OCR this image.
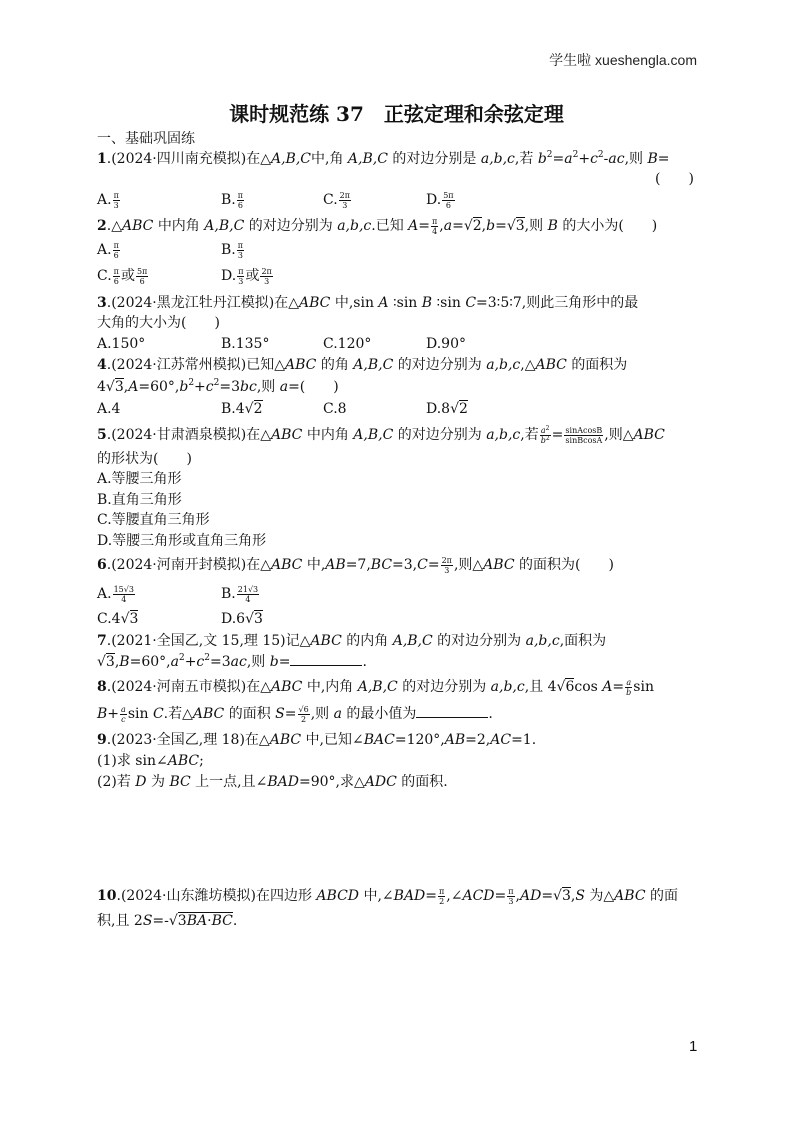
学生啦 xueshengla.com
课时规范练 37　正弦定理和余弦定理
一、基础巩固练
1.(2024·四川南充模拟)在△A,B,C中,角 A,B,C 的对边分别是 a,b,c,若 $b^2=a^2+c^2-ac$,则 B=
(　　)
A. $\frac{\pi}{3}$	B. $\frac{\pi}{6}$	C. $\frac{2\pi}{3}$	D. $\frac{5\pi}{6}$
2.△ABC 中内角 A,B,C 的对边分别为 a,b,c.已知 $A= \frac{\pi}{4} ,a=√2,b=√3$,则 B 的大小为(　　)
A. $\frac{\pi}{6}$	B. $\frac{\pi}{3}$
C. $\frac{\pi}{6}$ 或 $\frac{5\pi}{6}$	D. $\frac{\pi}{3}$ 或 $\frac{2\pi}{3}$
3.(2024·黑龙江牡丹江模拟)在△ABC 中,sin A ∶sin B ∶sin C=3∶5∶7,则此三角形中的最
大角的大小为(　　)
A.150°	B.135°	C.120°	D.90°
4.(2024·江苏常州模拟)已知△ABC 的角 A,B,C 的对边分别为 a,b,c,△ABC 的面积为
$4√3,A=60^\circ,b^2+c^2=3bc$,则 a=(　　)
A.4	B.4√2	C.8	D.8√2
5.(2024·甘肃酒泉模拟)在△ABC 中内角 A,B,C 的对边分别为 a,b,c,若 $\frac{a^2}{b^2} = \frac{\text{sinAcosB}}{\text{sinBcosA}}$ ,则△ABC
的形状为(　　)
A.等腰三角形
B.直角三角形
C.等腰直角三角形
D.等腰三角形或直角三角形
6.(2024·河南开封模拟)在△ABC 中$,AB=7,BC=3,C= \frac{2\pi}{3}$ ,则△ABC 的面积为(　　)
A. $\frac{15√3}{4}$	B. $\frac{21√3}{4}$
C.4√3	D.6√3
7.(2021·全国乙,文 15,理 15)记△ABC 的内角 A,B,C 的对边分别为 a,b,c,面积为
$√3,B=60^\circ,a^2+c^2=3ac$,则 b=	.
8.(2024·河南五市模拟)在△ABC 中,内角 A,B,C 的对边分别为 a,b,c,且 4√6cos $A= \frac{a}{b}$ sin
$B+ \frac{a}{c}$ sin C.若△ABC 的面积 $S= \frac{√6}{2}$ ,则 a 的最小值为	.
9.(2023·全国乙,理 18)在△ABC 中,已知∠BAC=120°,AB=2,AC=1.
(1)求 sin∠ABC;
(2)若 D 为 BC 上一点,且∠BAD=90°,求△ADC 的面积.
10.(2024·山东潍坊模拟)在四边形 ABCD 中,∠BAD= $\frac{\pi}{2}$ ,∠ACD= $\frac{\pi}{3} ,AD=√3,S$ 为△ABC 的面
积,且 2S=-√3BA·BC.
1
